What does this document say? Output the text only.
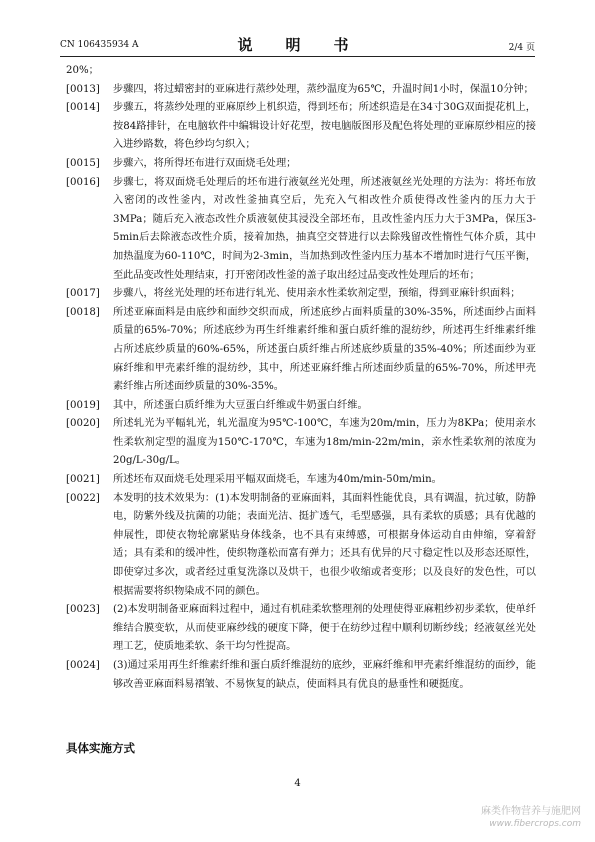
CN 106435934 A	说　明　书	2/4 页

20%；

[0013] 步骤四，将过蜡密封的亚麻进行蒸纱处理，蒸纱温度为65℃，升温时间1小时，保温10分钟；
[0014] 步骤五，将蒸纱处理的亚麻原纱上机织造，得到坯布；所述织造是在34寸30G双面提花机上，按84路排针，在电脑软件中编辑设计好花型，按电脑版图形及配色将处理的亚麻原纱相应的接入进纱路数，将色纱均匀织入；
[0015] 步骤六，将所得坯布进行双面烧毛处理；
[0016] 步骤七，将双面烧毛处理后的坯布进行液氨丝光处理，所述液氨丝光处理的方法为：将坯布放入密闭的改性釜内，对改性釜抽真空后，先充入气相改性介质使得改性釜内的压力大于3MPa；随后充入液态改性介质液氨使其浸没全部坯布，且改性釜内压力大于3MPa，保压3-5min后去除液态改性介质，接着加热，抽真空交替进行以去除残留改性惰性气体介质，其中加热温度为60-110℃，时间为2-3min，当加热到改性釜内压力基本不增加时进行气压平衡，至此品变改性处理结束，打开密闭改性釜的盖子取出经过品变改性处理后的坯布；
[0017] 步骤八，将丝光处理的坯布进行轧光、使用亲水性柔软剂定型，预缩，得到亚麻针织面料；
[0018] 所述亚麻面料是由底纱和面纱交织而成，所述底纱占面料质量的30%-35%，所述面纱占面料质量的65%-70%；所述底纱为再生纤维素纤维和蛋白质纤维的混纺纱，所述再生纤维素纤维占所述底纱质量的60%-65%，所述蛋白质纤维占所述底纱质量的35%-40%；所述面纱为亚麻纤维和甲壳素纤维的混纺纱，其中，所述亚麻纤维占所述面纱质量的65%-70%，所述甲壳素纤维占所述面纱质量的30%-35%。
[0019] 其中，所述蛋白质纤维为大豆蛋白纤维或牛奶蛋白纤维。
[0020] 所述轧光为平幅轧光，轧光温度为95℃-100℃，车速为20m/min，压力为8KPa；使用亲水性柔软剂定型的温度为150℃-170℃，车速为18m/min-22m/min，亲水性柔软剂的浓度为20g/L-30g/L。
[0021] 所述坯布双面烧毛处理采用平幅双面烧毛，车速为40m/min-50m/min。
[0022] 本发明的技术效果为：(1)本发明制备的亚麻面料，其面料性能优良，具有调温，抗过敏，防静电，防紫外线及抗菌的功能；表面光洁、挺扩透气，毛型感强，具有柔软的质感；具有优越的伸展性，即使衣物轮廓紧贴身体线条，也不具有束缚感，可根据身体运动自由伸缩，穿着舒适；具有柔和的缓冲性，使织物蓬松而富有弹力；还具有优异的尺寸稳定性以及形态还原性，即使穿过多次，或者经过重复洗涤以及烘干，也很少收缩或者变形；以及良好的发色性，可以根据需要将织物染成不同的颜色。
[0023] (2)本发明制备亚麻面料过程中，通过有机硅柔软整理剂的处理使得亚麻粗纱初步柔软，使单纤维结合膜变软，从而使亚麻纱线的硬度下降，便于在纺纱过程中顺利切断纱线；经液氨丝光处理工艺，使质地柔软、条干均匀性提高。
[0024] (3)通过采用再生纤维素纤维和蛋白质纤维混纺的底纱，亚麻纤维和甲壳素纤维混纺的面纱，能够改善亚麻面料易褶皱、不易恢复的缺点，使面料具有优良的悬垂性和硬挺度。
具体实施方式
4
麻类作物营养与施肥网
www.fibercrops.com
